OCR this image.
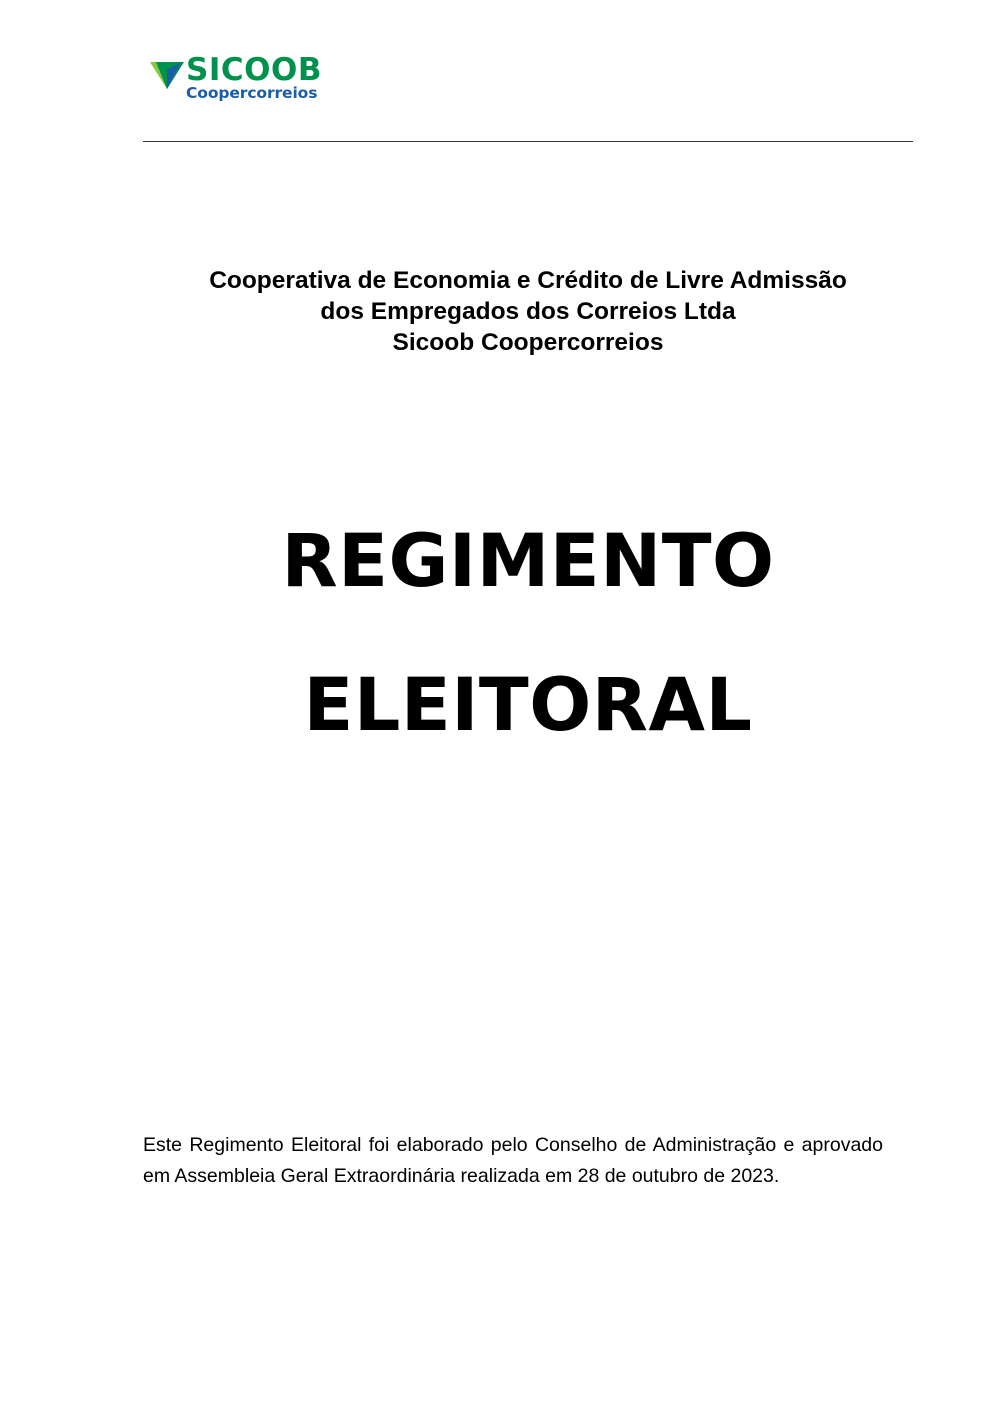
SICOOB
Coopercorreios
Cooperativa de Economia e Crédito de Livre Admissão
dos Empregados dos Correios Ltda
Sicoob Coopercorreios
REGIMENTO
ELEITORAL
Este Regimento Eleitoral foi elaborado pelo Conselho de Administração e aprovado em Assembleia Geral Extraordinária realizada em 28 de outubro de 2023.
